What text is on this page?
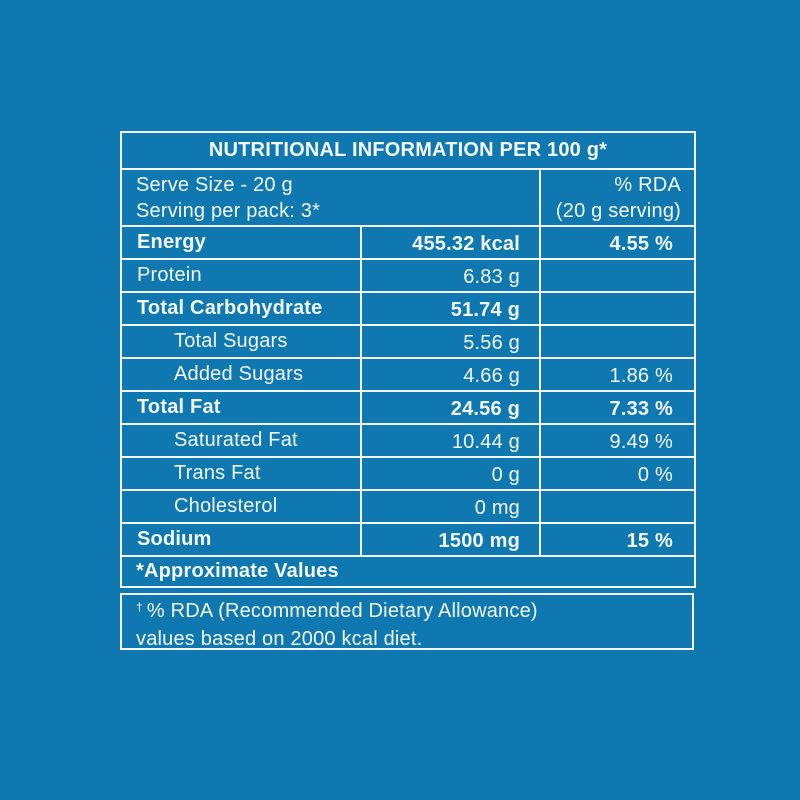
NUTRITIONAL INFORMATION PER 100 g*		

Serve Size - 20 g
Serving per pack: 3*

% RDA
(20 g serving)

Energy	455.32 kcal	4.55 %
Protein	6.83 g	
Total Carbohydrate	51.74 g	
Total Sugars	5.56 g	
Added Sugars	4.66 g	1.86 %
Total Fat	24.56 g	7.33 %
Saturated Fat	10.44 g	9.49 %
Trans Fat	0 g	0 %
Cholesterol	0 mg	
Sodium	1500 mg	15 %
*Approximate Values		
† % RDA (Recommended Dietary Allowance)
values based on 2000 kcal diet.
